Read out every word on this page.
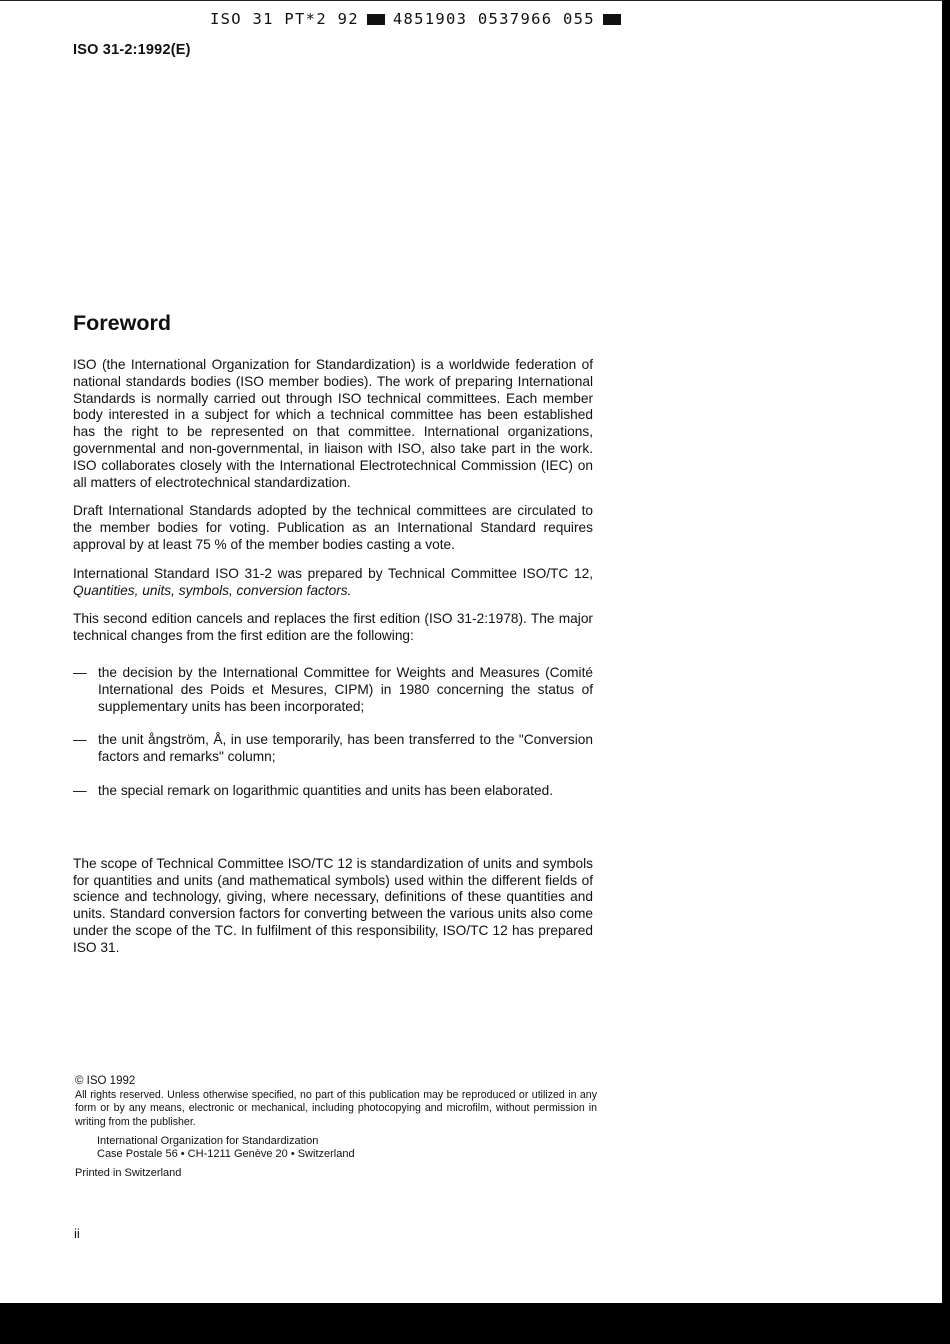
ISO 31 PT*2 92 4851903 0537966 055
ISO 31-2:1992(E)
Foreword

ISO (the International Organization for Standardization) is a worldwide federation of national standards bodies (ISO member bodies). The work of preparing International Standards is normally carried out through ISO technical committees. Each member body interested in a subject for which a technical committee has been established has the right to be represented on that committee. International organizations, governmental and non-governmental, in liaison with ISO, also take part in the work. ISO collaborates closely with the International Electrotechnical Commission (IEC) on all matters of electrotechnical standardization.

Draft International Standards adopted by the technical committees are circulated to the member bodies for voting. Publication as an International Standard requires approval by at least 75 % of the member bodies casting a vote.

International Standard ISO 31-2 was prepared by Technical Committee ISO/TC 12, Quantities, units, symbols, conversion factors.

This second edition cancels and replaces the first edition (ISO 31-2:1978). The major technical changes from the first edition are the following:

— the decision by the International Committee for Weights and Measures (Comité International des Poids et Mesures, CIPM) in 1980 concerning the status of supplementary units has been incorporated;
— the unit ångström, Å, in use temporarily, has been transferred to the "Conversion factors and remarks" column;
— the special remark on logarithmic quantities and units has been elaborated.

The scope of Technical Committee ISO/TC 12 is standardization of units and symbols for quantities and units (and mathematical symbols) used within the different fields of science and technology, giving, where necessary, definitions of these quantities and units. Standard conversion factors for converting between the various units also come under the scope of the TC. In fulfilment of this responsibility, ISO/TC 12 has prepared ISO 31.

© ISO 1992
All rights reserved. Unless otherwise specified, no part of this publication may be reproduced or utilized in any form or by any means, electronic or mechanical, including photocopying and microfilm, without permission in writing from the publisher.
International Organization for Standardization
Case Postale 56 • CH-1211 Genève 20 • Switzerland
Printed in Switzerland
ii
